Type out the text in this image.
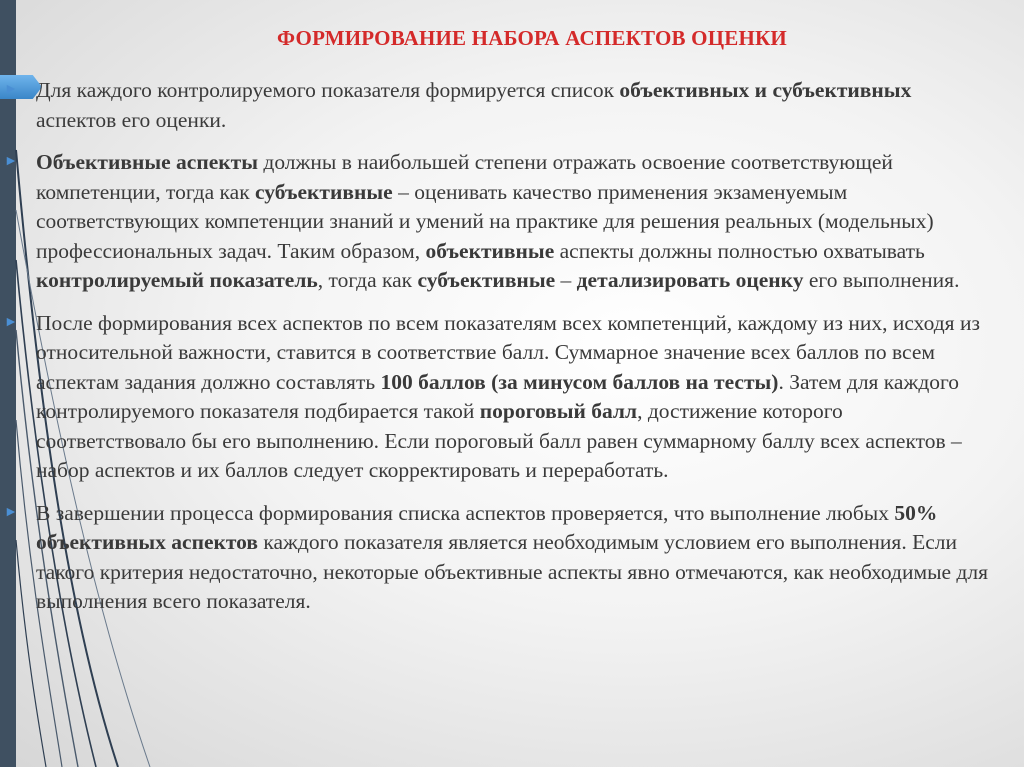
ФОРМИРОВАНИЕ НАБОРА АСПЕКТОВ ОЦЕНКИ

► Для каждого контролируемого показателя формируется список объективных и субъективных аспектов его оценки.

► Объективные аспекты должны в наибольшей степени отражать освоение соответствующей компетенции, тогда как субъективные – оценивать качество применения экзаменуемым соответствующих компетенции знаний и умений на практике для решения реальных (модельных) профессиональных задач. Таким образом, объективные аспекты должны полностью охватывать контролируемый показатель, тогда как субъективные – детализировать оценку его выполнения.

► После формирования всех аспектов по всем показателям всех компетенций, каждому из них, исходя из относительной важности, ставится в соответствие балл. Суммарное значение всех баллов по всем аспектам задания должно составлять 100 баллов (за минусом баллов на тесты). Затем для каждого контролируемого показателя подбирается такой пороговый балл, достижение которого соответствовало бы его выполнению. Если пороговый балл равен суммарному баллу всех аспектов – набор аспектов и их баллов следует скорректировать и переработать.

► В завершении процесса формирования списка аспектов проверяется, что выполнение любых 50% объективных аспектов каждого показателя является необходимым условием его выполнения. Если такого критерия недостаточно, некоторые объективные аспекты явно отмечаются, как необходимые для выполнения всего показателя.
